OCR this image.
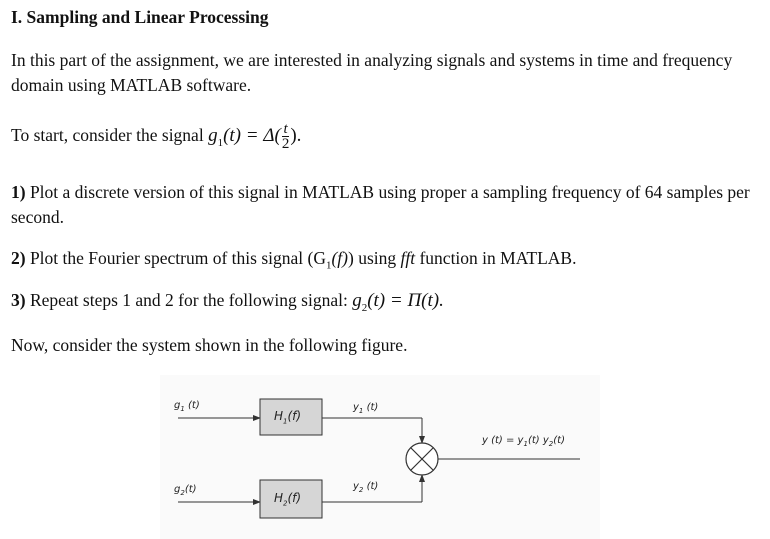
I. Sampling and Linear Processing
In this part of the assignment, we are interested in analyzing signals and systems in time and frequency domain using MATLAB software.
To start, consider the signal $g_1(t) = \Delta( \frac{t}{2}$ ).
1) Plot a discrete version of this signal in MATLAB using proper a sampling frequency of 64 samples per second.
2) Plot the Fourier spectrum of this signal $(G_1(f))$ using fft function in MATLAB.
3) Repeat steps 1 and 2 for the following signal: $g_2(t) = \Pi(t)$.
Now, consider the system shown in the following figure.
$g_1$ (t)
$g_2(t)$
$H_1(f)$
$H_2(f)$
$y_1$ (t)
$y_2$ (t)
y $(t) = y_1(t)$ $y_2(t)$
